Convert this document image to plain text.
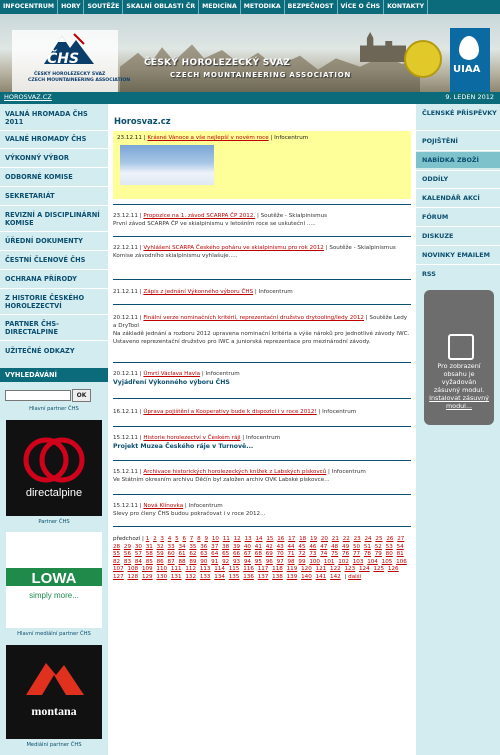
INFOCENTRUM	HORY	SOUTĚŽE	SKALNÍ OBLASTI ČR	MEDICÍNA	METODIKA	BEZPEČNOST	VÍCE O ČHS	KONTAKTY
ČHS
ČESKÝ HOROLEZECKÝ SVAZ
CZECH MOUNTAINEERING ASSOCIATION
ČESKÝ HOROLEZECKÝ SVAZ
CZECH MOUNTAINEERING ASSOCIATION	UIAA
HOROSVAZ.CZ	9. LEDEN 2012
VALNÁ HROMADA ČHS 2011
VALNÉ HROMADY ČHS
VÝKONNÝ VÝBOR
ODBORNÉ KOMISE
SEKRETARIÁT
REVIZNÍ A DISCIPLINÁRNÍ KOMISE
ÚŘEDNÍ DOKUMENTY
ČESTNÍ ČLENOVÉ ČHS
OCHRANA PŘÍRODY
Z HISTORIE ČESKÉHO HOROLEZECTVÍ
PARTNER ČHS-DIRECTALPINE
UŽITEČNÉ ODKAZY
VYHLEDÁVÁNÍ
OK
Hlavní partner ČHS
directalpine
Partner ČHS
LOWA
simply more...
Hlavní mediální partner ČHS
montana
Mediální partner ČHS
Horosvaz.cz
23.12.11 | Krásné Vánoce a vše nejlepší v novém roce | Infocentrum
23.12.11 | Propozice na 1. závod SCARPA ČP 2012. | Soutěže - Skialpinismus
První závod SCARPA ČP ve skialpinismu v letošním roce se uskuteční .....
22.12.11 | Vyhlášení SCARPA Českého poháru ve skialpinismu pro rok 2012 | Soutěže - Skialpinismus
Komise závodního skialpinismu vyhlašuje.....
21.12.11 | Zápis z jednání Výkonného výboru ČHS | Infocentrum
20.12.11 | Finální verze nominačních kritérií, reprezentační družstvo drytooling/ledy 2012 | Soutěže Ledy a DryTool
Na základě jednání a rozboru 2012 upravena nominační kritéria a výše nároků pro jednotlivé závody IWC. Ustaveno reprezentační družstvo pro IWC a juniorská reprezentace pro mezinárodní závody.
20.12.11 | Úmrtí Václava Havla | Infocentrum
Vyjádření Výkonného výboru ČHS
16.12.11 | Úprava pojištění a Kooperativy bude k dispozici i v roce 2012! | Infocentrum
15.12.11 | Historie horolezectví v Českém ráji | Infocentrum
Projekt Muzea Českého ráje v Turnově...
15.12.11 | Archivace historických horolezeckých knížek z Labských pískovců | Infocentrum
Ve Státním okresním archivu Děčín byl založen archiv OVK Labské pískovce...
15.12.11 | Nová Klínovka | Infocentrum
Slevy pro členy ČHS budou pokračovat i v roce 2012...
předchozí | 1 2 3 4 5 6 7 8 9 10 11 12 13 14 15 16 17 18 19 20 21 22 23 24 25 26 27 28 29 30 31 32 33 34 35 36 37 38 39 40 41 42 43 44 45 46 47 48 49 50 51 52 53 54 55 56 57 58 59 60 61 62 63 64 65 66 67 68 69 70 71 72 73 74 75 76 77 78 79 80 81 82 83 84 85 86 87 88 89 90 91 92 93 94 95 96 97 98 99 100 101 102 103 104 105 106 107 108 109 110 111 112 113 114 115 116 117 118 119 120 121 122 123 124 125 126 127 128 129 130 131 132 133 134 135 136 137 138 139 140 141 142 | další
ČLENSKÉ PŘÍSPĚVKY
POJIŠTĚNÍ
NABÍDKA ZBOŽÍ
ODDÍLY
KALENDÁŘ AKCÍ
FÓRUM
DISKUZE
NOVINKY EMAILEM
RSS
Pro zobrazení obsahu je vyžadován zásuvný modul.
Instalovat zásuvný modul...
